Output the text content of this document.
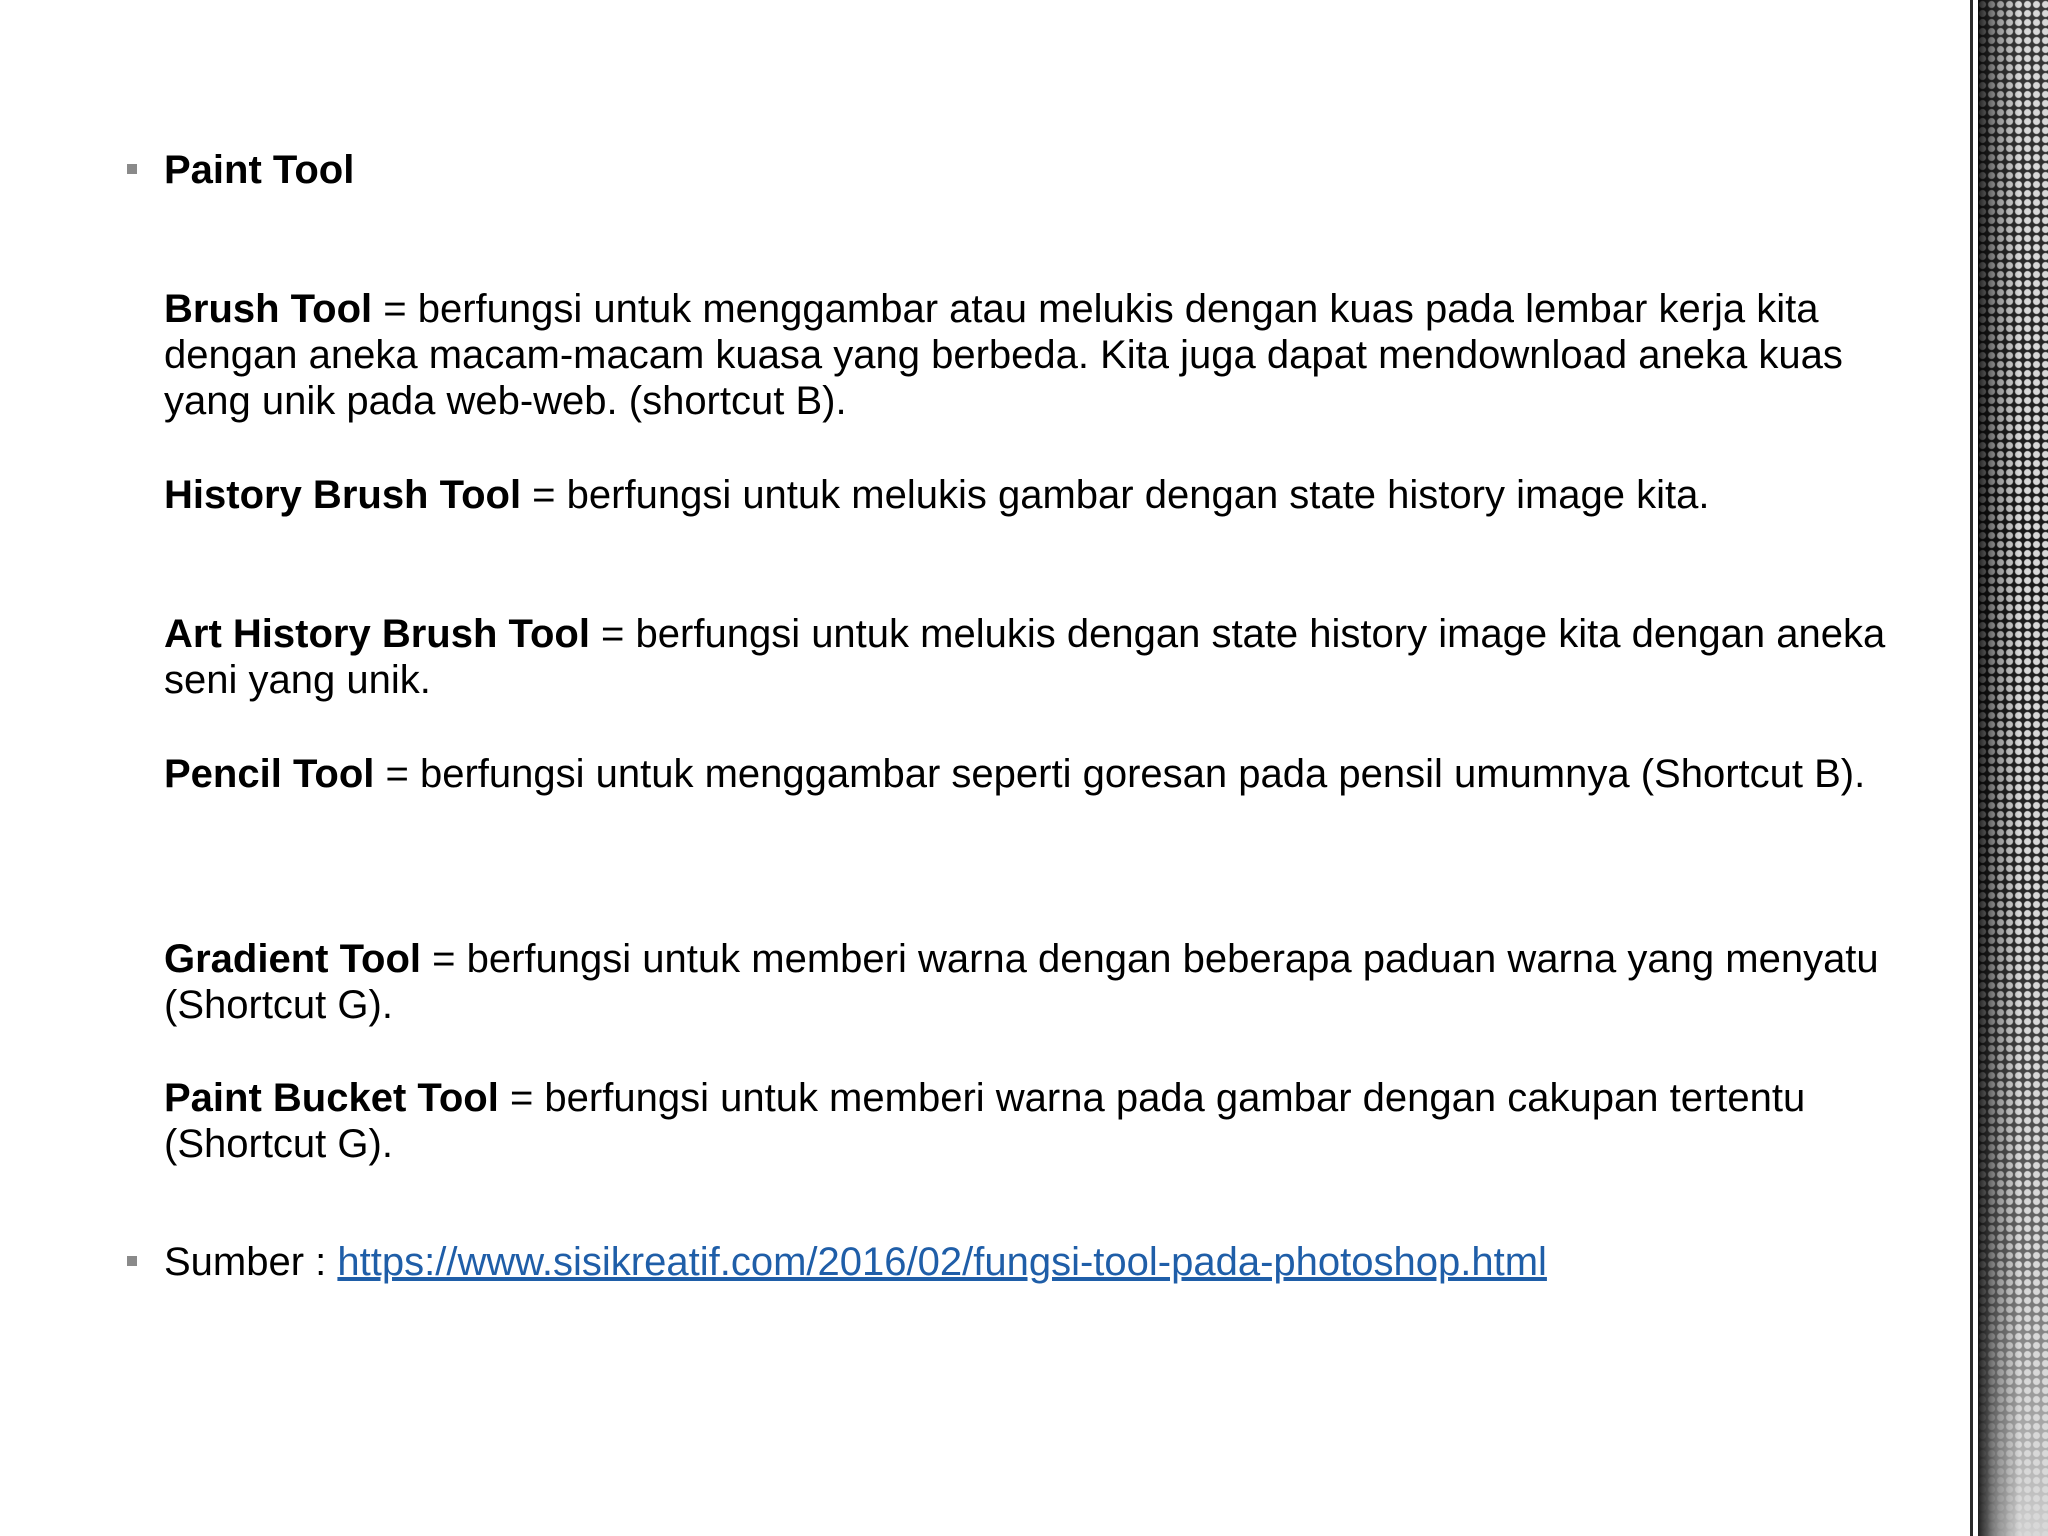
Paint Tool
Brush Tool = berfungsi untuk menggambar atau melukis dengan kuas pada lembar kerja kita dengan aneka macam-macam kuasa yang berbeda. Kita juga dapat mendownload aneka kuas yang unik pada web-web. (shortcut B).
History Brush Tool = berfungsi untuk melukis gambar dengan state history image kita.
Art History Brush Tool = berfungsi untuk melukis dengan state history image kita dengan aneka seni yang unik.
Pencil Tool = berfungsi untuk menggambar seperti goresan pada pensil umumnya (Shortcut B).
Gradient Tool = berfungsi untuk memberi warna dengan beberapa paduan warna yang menyatu (Shortcut G).
Paint Bucket Tool = berfungsi untuk memberi warna pada gambar dengan cakupan tertentu (Shortcut G).
Sumber : https://www.sisikreatif.com/2016/02/fungsi-tool-pada-photoshop.html
